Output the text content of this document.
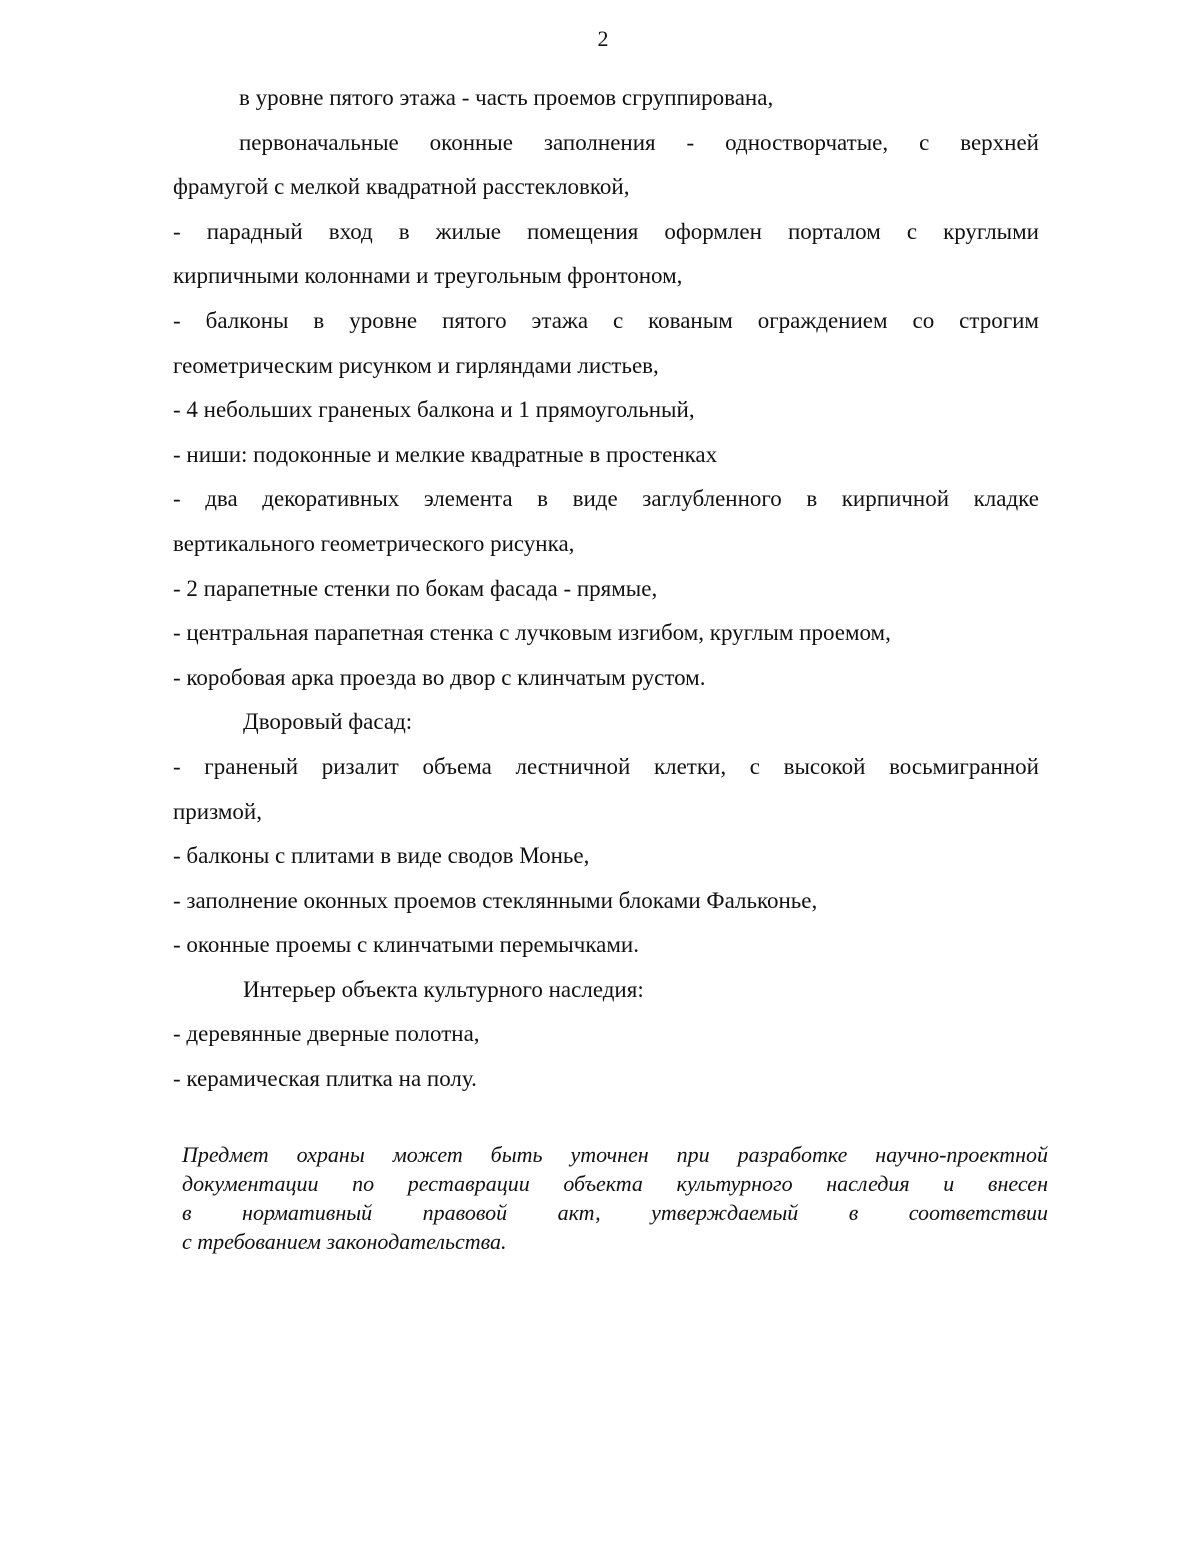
2

в уровне пятого этажа - часть проемов сгруппирована,

первоначальные оконные заполнения - одностворчатые, с верхней

фрамугой с мелкой квадратной расстекловкой,

- парадный вход в жилые помещения оформлен порталом с круглыми

кирпичными колоннами и треугольным фронтоном,

- балконы в уровне пятого этажа с кованым ограждением со строгим

геометрическим рисунком и гирляндами листьев,

- 4 небольших граненых балкона и 1 прямоугольный,

- ниши: подоконные и мелкие квадратные в простенках

- два декоративных элемента в виде заглубленного в кирпичной кладке

вертикального геометрического рисунка,

- 2 парапетные стенки по бокам фасада - прямые,

- центральная парапетная стенка с лучковым изгибом, круглым проемом,

- коробовая арка проезда во двор с клинчатым рустом.

Дворовый фасад:

- граненый ризалит объема лестничной клетки, с высокой восьмигранной

призмой,

- балконы с плитами в виде сводов Монье,

- заполнение оконных проемов стеклянными блоками Фальконье,

- оконные проемы с клинчатыми перемычками.

Интерьер объекта культурного наследия:

- деревянные дверные полотна,

- керамическая плитка на полу.

Предмет охраны может быть уточнен при разработке научно-проектной

документации по реставрации объекта культурного наследия и внесен

в нормативный правовой акт, утверждаемый в соответствии

с требованием законодательства.
